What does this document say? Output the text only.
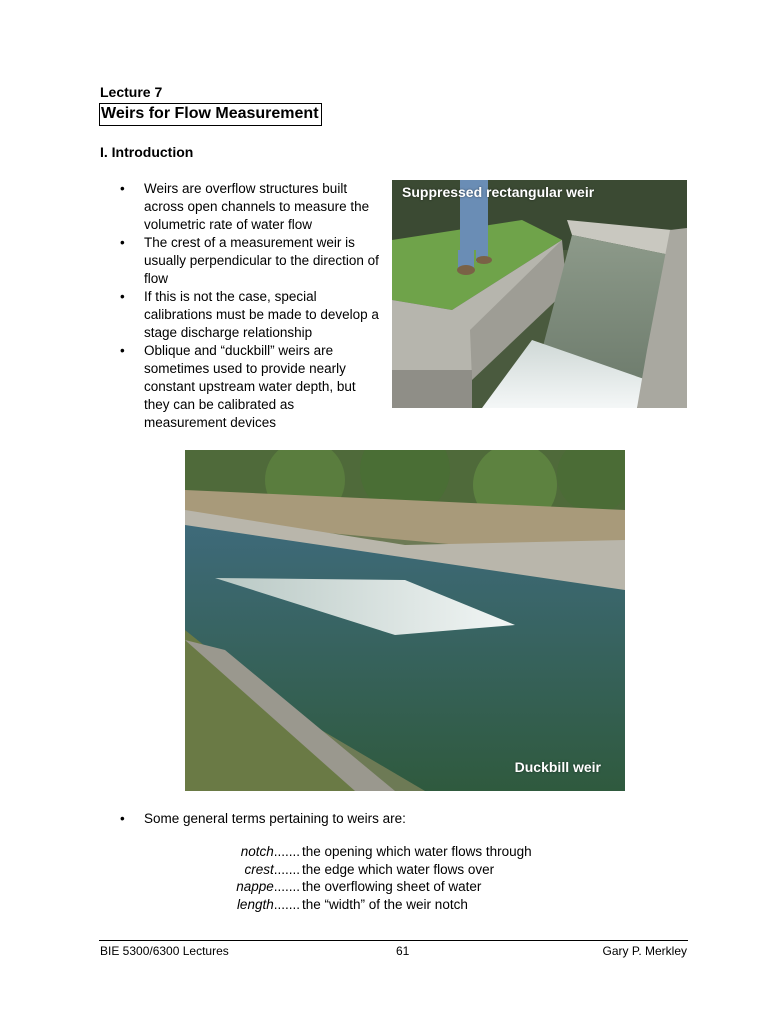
Lecture 7
Weirs for Flow Measurement
I. Introduction
• Weirs are overflow structures built across open channels to measure the volumetric rate of water flow
• The crest of a measurement weir is usually perpendicular to the direction of flow
• If this is not the case, special calibrations must be made to develop a stage discharge relationship
• Oblique and “duckbill” weirs are sometimes used to provide nearly constant upstream water depth, but they can be calibrated as measurement devices
Suppressed rectangular weir
Duckbill weir
• Some general terms pertaining to weirs are:
notch....... the opening which water flows through
crest....... the edge which water flows over
nappe....... the overflowing sheet of water
length....... the “width” of the weir notch
BIE 5300/6300 Lectures	61	Gary P. Merkley
